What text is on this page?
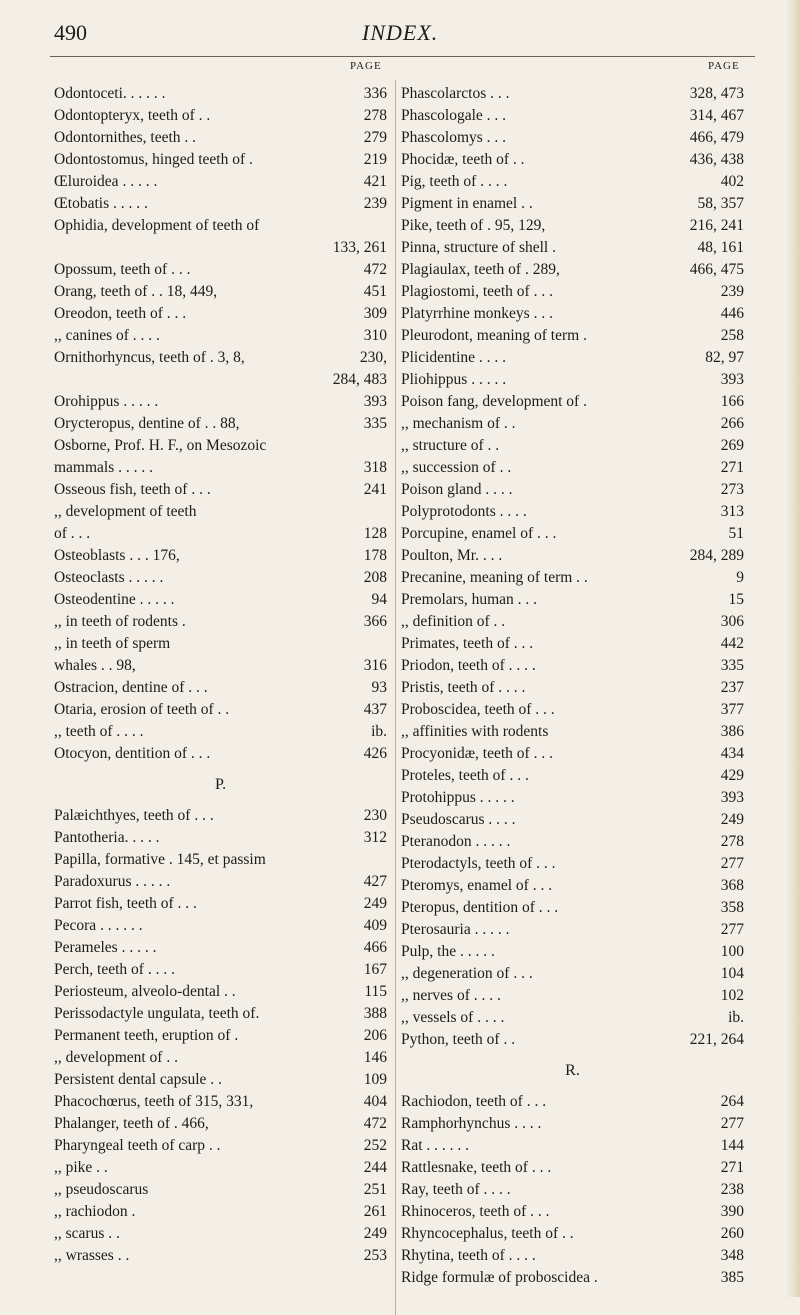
490	INDEX.
PAGE	PAGE
Odontoceti. . . . . .	336
Odontopteryx, teeth of . .	278
Odontornithes, teeth . .	279
Odontostomus, hinged teeth of .	219
Œluroidea . . . . .	421
Œtobatis . . . . .	239
Ophidia, development of teeth of
133, 261
Opossum, teeth of . . .	472
Orang, teeth of . . 18, 449,	451
Oreodon, teeth of . . .	309
,, canines of . . . .	310
Ornithorhyncus, teeth of . 3, 8,	230,
284, 483
Orohippus . . . . .	393
Orycteropus, dentine of . . 88,	335
Osborne, Prof. H. F., on Mesozoic
mammals . . . . .	318
Osseous fish, teeth of . . .	241
,, development of teeth
of . . .	128
Osteoblasts . . . 176,	178
Osteoclasts . . . . .	208
Osteodentine . . . . .	94
,, in teeth of rodents .	366
,, in teeth of sperm
whales . . 98,	316
Ostracion, dentine of . . .	93
Otaria, erosion of teeth of . .	437
,, teeth of . . . .	ib.
Otocyon, dentition of . . .	426
P.
Palæichthyes, teeth of . . .	230
Pantotheria. . . . .	312
Papilla, formative . 145, et passim
Paradoxurus . . . . .	427
Parrot fish, teeth of . . .	249
Pecora . . . . . .	409
Perameles . . . . .	466
Perch, teeth of . . . .	167
Periosteum, alveolo-dental . .	115
Perissodactyle ungulata, teeth of.	388
Permanent teeth, eruption of .	206
,, development of . .	146
Persistent dental capsule . .	109
Phacochœrus, teeth of 315, 331,	404
Phalanger, teeth of . 466,	472
Pharyngeal teeth of carp . .	252
,, pike . .	244
,, pseudoscarus	251
,, rachiodon .	261
,, scarus . .	249
,, wrasses . .	253
Phascolarctos . . .	328, 473
Phascologale . . .	314, 467
Phascolomys . . .	466, 479
Phocidæ, teeth of . .	436, 438
Pig, teeth of . . . .	402
Pigment in enamel . .	58, 357
Pike, teeth of . 95, 129,	216, 241
Pinna, structure of shell .	48, 161
Plagiaulax, teeth of . 289,	466, 475
Plagiostomi, teeth of . . .	239
Platyrrhine monkeys . . .	446
Pleurodont, meaning of term .	258
Plicidentine . . . .	82, 97
Pliohippus . . . . .	393
Poison fang, development of .	166
,, mechanism of . .	266
,, structure of . .	269
,, succession of . .	271
Poison gland . . . .	273
Polyprotodonts . . . .	313
Porcupine, enamel of . . .	51
Poulton, Mr. . . .	284, 289
Precanine, meaning of term . .	9
Premolars, human . . .	15
,, definition of . .	306
Primates, teeth of . . .	442
Priodon, teeth of . . . .	335
Pristis, teeth of . . . .	237
Proboscidea, teeth of . . .	377
,, affinities with rodents	386
Procyonidæ, teeth of . . .	434
Proteles, teeth of . . .	429
Protohippus . . . . .	393
Pseudoscarus . . . .	249
Pteranodon . . . . .	278
Pterodactyls, teeth of . . .	277
Pteromys, enamel of . . .	368
Pteropus, dentition of . . .	358
Pterosauria . . . . .	277
Pulp, the . . . . .	100
,, degeneration of . . .	104
,, nerves of . . . .	102
,, vessels of . . . .	ib.
Python, teeth of . .	221, 264
R.
Rachiodon, teeth of . . .	264
Ramphorhynchus . . . .	277
Rat . . . . . .	144
Rattlesnake, teeth of . . .	271
Ray, teeth of . . . .	238
Rhinoceros, teeth of . . .	390
Rhyncocephalus, teeth of . .	260
Rhytina, teeth of . . . .	348
Ridge formulæ of proboscidea .	385
